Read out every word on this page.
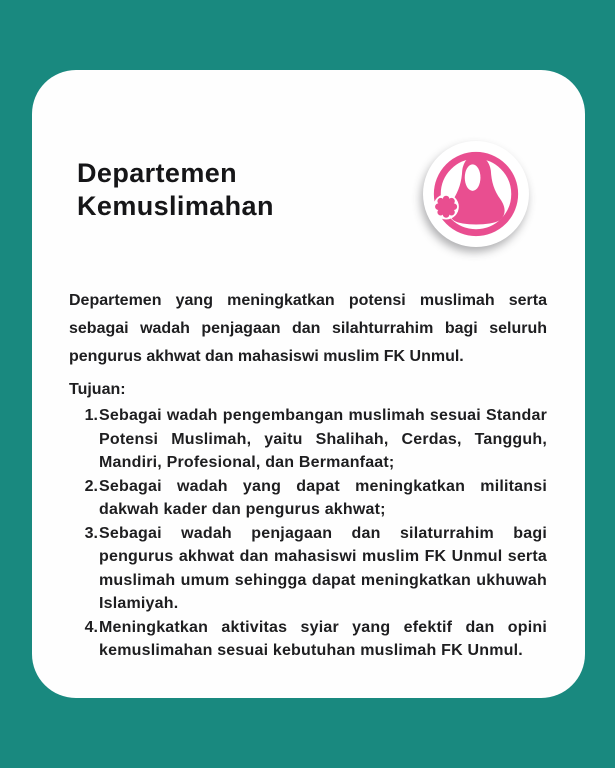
Departemen Kemuslimahan

Departemen yang meningkatkan potensi muslimah serta sebagai wadah penjagaan dan silahturrahim bagi seluruh pengurus akhwat dan mahasiswi muslim FK Unmul.

Tujuan:
Sebagai wadah pengembangan muslimah sesuai Standar Potensi Muslimah, yaitu Shalihah, Cerdas, Tangguh, Mandiri, Profesional, dan Bermanfaat;
Sebagai wadah yang dapat meningkatkan militansi dakwah kader dan pengurus akhwat;
Sebagai wadah penjagaan dan silaturrahim bagi pengurus akhwat dan mahasiswi muslim FK Unmul serta muslimah umum sehingga dapat meningkatkan ukhuwah Islamiyah.
Meningkatkan aktivitas syiar yang efektif dan opini kemuslimahan sesuai kebutuhan muslimah FK Unmul.
